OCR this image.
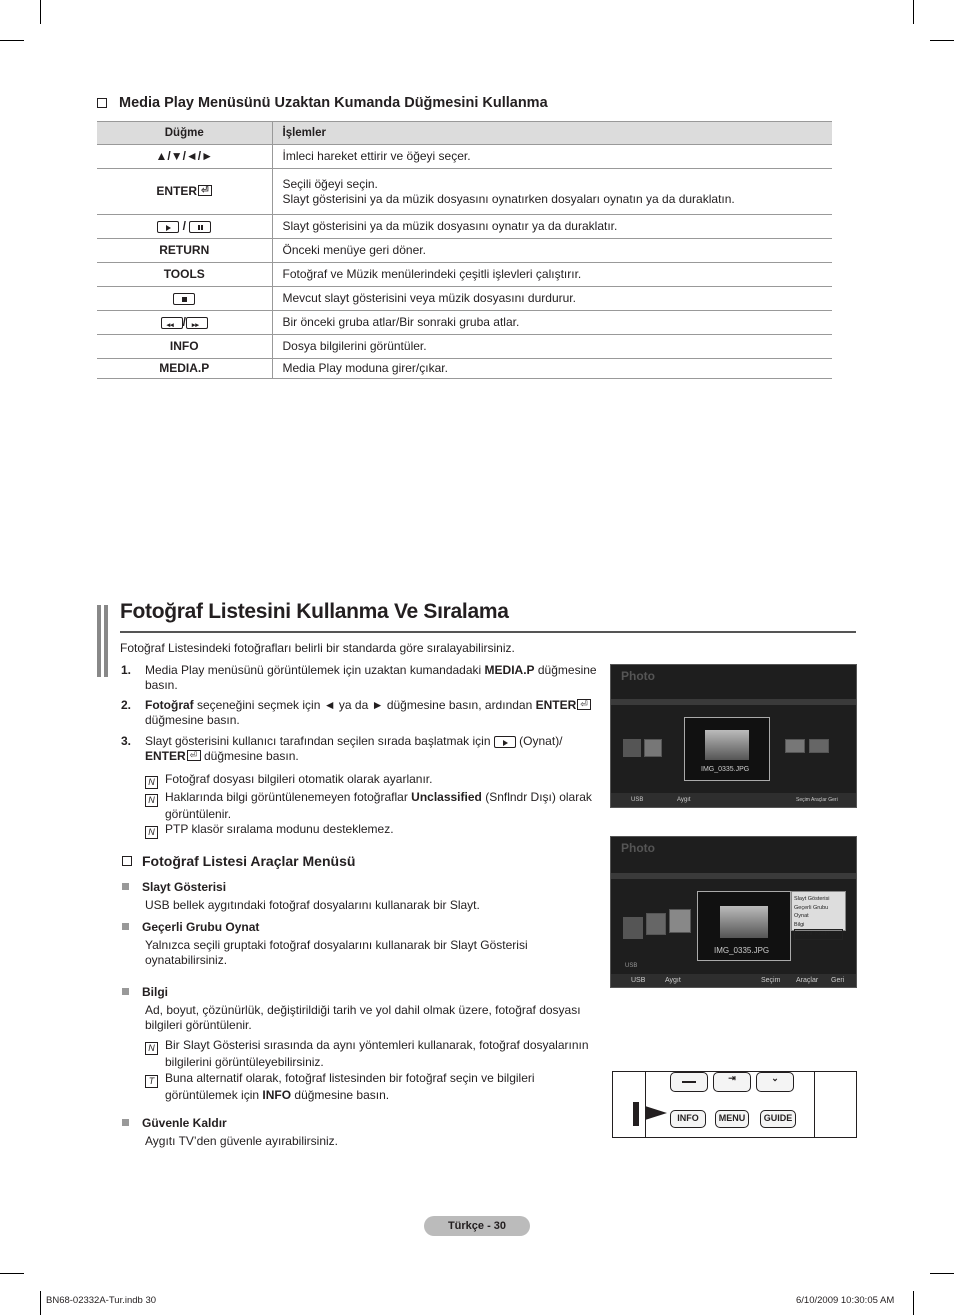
Media Play Menüsünü Uzaktan Kumanda Düğmesini Kullanma
Düğme	İşlemler
▲/▼/◄/►	İmleci hareket ettirir ve öğeyi seçer.
ENTER⏎	Seçili öğeyi seçin.
Slayt gösterisini ya da müzik dosyasını oynatırken dosyaları oynatın ya da duraklatın.

/	Slayt gösterisini ya da müzik dosyasını oynatır ya da duraklatır.
RETURN	Önceki menüye geri döner.
TOOLS	Fotoğraf ve Müzik menülerindeki çeşitli işlevleri çalıştırır.
	Mevcut slayt gösterisini veya müzik dosyasını durdurur.
◂◂/▸▸	Bir önceki gruba atlar/Bir sonraki gruba atlar.
INFO	Dosya bilgilerini görüntüler.
MEDIA.P	Media Play moduna girer/çıkar.
Fotoğraf Listesini Kullanma Ve Sıralama
Fotoğraf Listesindeki fotoğrafları belirli bir standarda göre sıralayabilirsiniz.
1. Media Play menüsünü görüntülemek için uzaktan kumandadaki MEDIA.P düğmesine
basın.
2. Fotoğraf seçeneğini seçmek için ◄ ya da ► düğmesine basın, ardından ENTER⏎
düğmesine basın.
3. Slayt gösterisini kullanıcı tarafından seçilen sırada başlatmak için  (Oynat)/
ENTER⏎ düğmesine basın.
N Fotoğraf dosyası bilgileri otomatik olarak ayarlanır.
N Haklarında bilgi görüntülenemeyen fotoğraflar Unclassified (Snflndr Dışı) olarak
görüntülenir.
N PTP klasör sıralama modunu desteklemez.
Fotoğraf Listesi Araçlar Menüsü
Slayt Gösterisi
USB bellek aygıtındaki fotoğraf dosyalarını kullanarak bir Slayt.
Geçerli Grubu Oynat
Yalnızca seçili gruptaki fotoğraf dosyalarını kullanarak bir Slayt Gösterisi
oynatabilirsiniz.
Bilgi
Ad, boyut, çözünürlük, değiştirildiği tarih ve yol dahil olmak üzere, fotoğraf dosyası
bilgileri görüntülenir.
N Bir Slayt Gösterisi sırasında da aynı yöntemleri kullanarak, fotoğraf dosyalarının
bilgilerini görüntüleyebilirsiniz.
T Buna alternatif olarak, fotoğraf listesinden bir fotoğraf seçin ve bilgileri
görüntülemek için INFO düğmesine basın.
Güvenle Kaldır
Aygıtı TV’den güvenle ayırabilirsiniz.
Photo
IMG_0335.JPG
USB	Aygıt	Seçim Araçlar Geri
Photo
IMG_0335.JPG
Slayt Gösterisi
Geçerli Grubu Oynat
Bilgi
Güvenli Kaldır
USB
USB	Aygıt	Seçim Araçlar Geri
⇥	⌄
INFO	MENU	GUIDE
Türkçe - 30
BN68-02332A-Tur.indb 30	6/10/2009 10:30:05 AM
